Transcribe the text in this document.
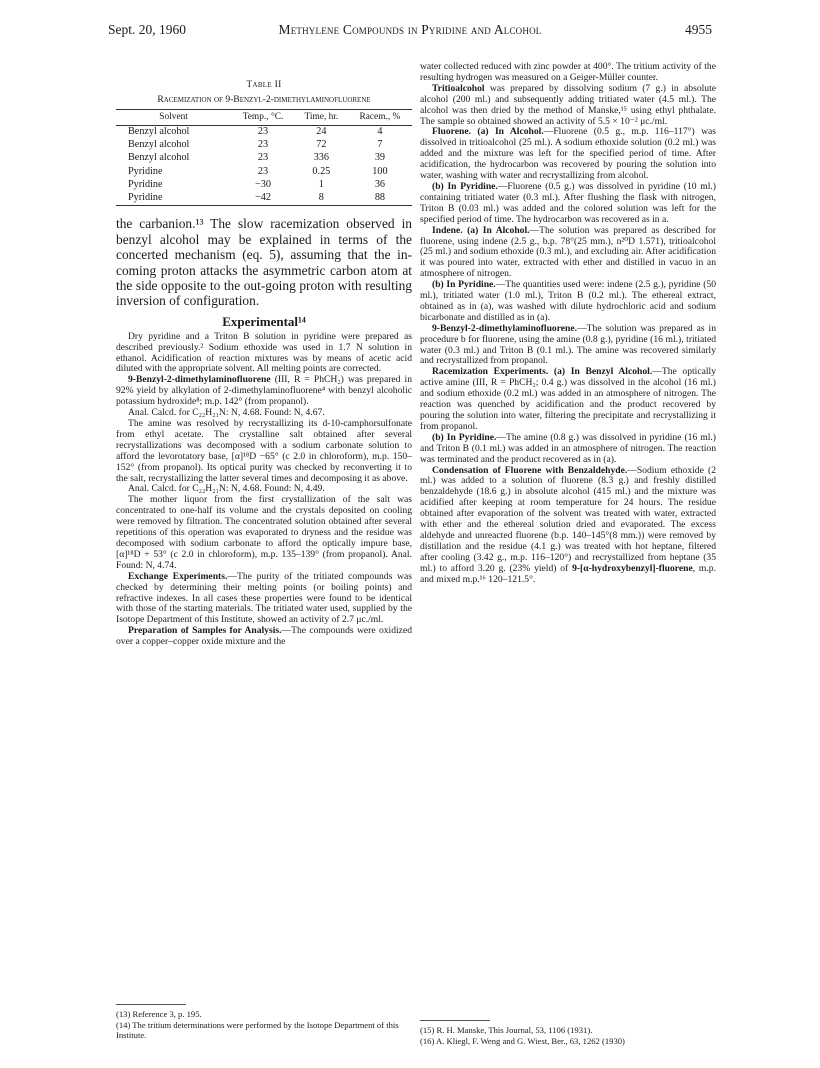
Sept. 20, 1960	Methylene Compounds in Pyridine and Alcohol	4955
Table II
Racemization of 9-Benzyl-2-dimethylaminofluorene
Solvent	Temp., °C.	Time, hr.	Racem., %
Benzyl alcohol	23	24	4
Benzyl alcohol	23	72	7
Benzyl alcohol	23	336	39
Pyridine	23	0.25	100
Pyridine	−30	1	36
Pyridine	−42	8	88

the carbanion.¹³ The slow racemization observed in benzyl alcohol may be explained in terms of the concerted mechanism (eq. 5), assuming that the in-coming proton attacks the asymmetric carbon atom at the side opposite to the out-going proton with resulting inversion of configuration.

Experimental¹⁴

Dry pyridine and a Triton B solution in pyridine were prepared as described previously.² Sodium ethoxide was used in 1.7 N solution in ethanol. Acidification of reaction mixtures was by means of acetic acid diluted with the appropriate solvent. All melting points are corrected.

9-Benzyl-2-dimethylaminofluorene (III, R = PhCH₂) was prepared in 92% yield by alkylation of 2-dimethylaminofluorene⁴ with benzyl alcoholic potassium hydroxide⁸; m.p. 142° (from propanol).

Anal. Calcd. for C₂₂H₂₁N: N, 4.68. Found: N, 4.67.

The amine was resolved by recrystallizing its d-10-camphorsulfonate from ethyl acetate. The crystalline salt obtained after several recrystallizations was decomposed with a sodium carbonate solution to afford the levorotatory base, [α]¹⁸D −65° (c 2.0 in chloroform), m.p. 150–152° (from propanol). Its optical purity was checked by reconverting it to the salt, recrystallizing the latter several times and decomposing it as above.

Anal. Calcd. for C₂₂H₂₁N: N, 4.68. Found: N, 4.49.

The mother liquor from the first crystallization of the salt was concentrated to one-half its volume and the crystals deposited on cooling were removed by filtration. The concentrated solution obtained after several repetitions of this operation was evaporated to dryness and the residue was decomposed with sodium carbonate to afford the optically impure base, [α]¹⁸D + 53° (c 2.0 in chloroform), m.p. 135–139° (from propanol). Anal. Found: N, 4.74.

Exchange Experiments.—The purity of the tritiated compounds was checked by determining their melting points (or boiling points) and refractive indexes. In all cases these properties were found to be identical with those of the starting materials. The tritiated water used, supplied by the Isotope Department of this Institute, showed an activity of 2.7 μc./ml.

Preparation of Samples for Analysis.—The compounds were oxidized over a copper–copper oxide mixture and the

(13) Reference 3, p. 195.

(14) The tritium determinations were performed by the Isotope Department of this Institute.

water collected reduced with zinc powder at 400°. The tritium activity of the resulting hydrogen was measured on a Geiger-Müller counter.

Tritioalcohol was prepared by dissolving sodium (7 g.) in absolute alcohol (200 ml.) and subsequently adding tritiated water (4.5 ml.). The alcohol was then dried by the method of Manske,¹⁵ using ethyl phthalate. The sample so obtained showed an activity of 5.5 × 10⁻² μc./ml.

Fluorene. (a) In Alcohol.—Fluorene (0.5 g., m.p. 116–117°) was dissolved in tritioalcohol (25 ml.). A sodium ethoxide solution (0.2 ml.) was added and the mixture was left for the specified period of time. After acidification, the hydrocarbon was recovered by pouring the solution into water, washing with water and recrystallizing from alcohol.

(b) In Pyridine.—Fluorene (0.5 g.) was dissolved in pyridine (10 ml.) containing tritiated water (0.3 ml.). After flushing the flask with nitrogen, Triton B (0.03 ml.) was added and the colored solution was left for the specified period of time. The hydrocarbon was recovered as in a.

Indene. (a) In Alcohol.—The solution was prepared as described for fluorene, using indene (2.5 g., b.p. 78°(25 mm.), n²⁰D 1.571), tritioalcohol (25 ml.) and sodium ethoxide (0.3 ml.), and excluding air. After acidification it was poured into water, extracted with ether and distilled in vacuo in an atmosphere of nitrogen.

(b) In Pyridine.—The quantities used were: indene (2.5 g.), pyridine (50 ml.), tritiated water (1.0 ml.), Triton B (0.2 ml.). The ethereal extract, obtained as in (a), was washed with dilute hydrochloric acid and sodium bicarbonate and distilled as in (a).

9-Benzyl-2-dimethylaminofluorene.—The solution was prepared as in procedure b for fluorene, using the amine (0.8 g.), pyridine (16 ml.), tritiated water (0.3 ml.) and Triton B (0.1 ml.). The amine was recovered similarly and recrystallized from propanol.

Racemization Experiments. (a) In Benzyl Alcohol.—The optically active amine (III, R = PhCH₂; 0.4 g.) was dissolved in the alcohol (16 ml.) and sodium ethoxide (0.2 ml.) was added in an atmosphere of nitrogen. The reaction was quenched by acidification and the product recovered by pouring the solution into water, filtering the precipitate and recrystallizing it from propanol.

(b) In Pyridine.—The amine (0.8 g.) was dissolved in pyridine (16 ml.) and Triton B (0.1 ml.) was added in an atmosphere of nitrogen. The reaction was terminated and the product recovered as in (a).

Condensation of Fluorene with Benzaldehyde.—Sodium ethoxide (2 ml.) was added to a solution of fluorene (8.3 g.) and freshly distilled benzaldehyde (18.6 g.) in absolute alcohol (415 ml.) and the mixture was acidified after keeping at room temperature for 24 hours. The residue obtained after evaporation of the solvent was treated with water, extracted with ether and the ethereal solution dried and evaporated. The excess aldehyde and unreacted fluorene (b.p. 140–145°(8 mm.)) were removed by distillation and the residue (4.1 g.) was treated with hot heptane, filtered after cooling (3.42 g., m.p. 116–120°) and recrystallized from heptane (35 ml.) to afford 3.20 g. (23% yield) of 9-[α-hydroxybenzyl]-fluorene, m.p. and mixed m.p.¹⁶ 120–121.5°.

(15) R. H. Manske, This Journal, 53, 1106 (1931).

(16) A. Kliegl, F. Weng and G. Wiest, Ber., 63, 1262 (1930)
